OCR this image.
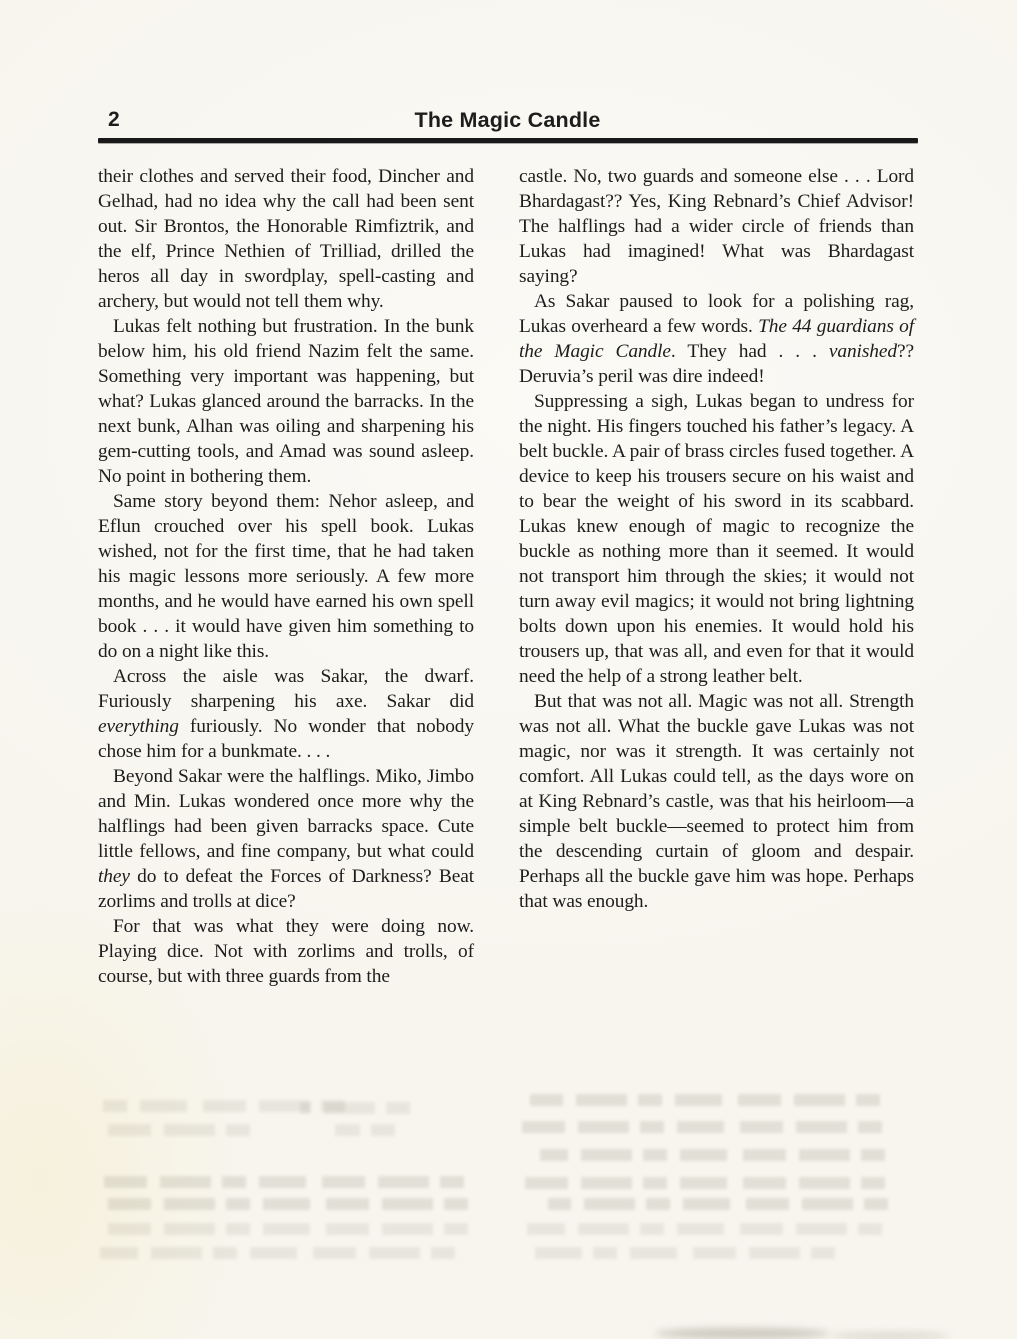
2	The Magic Candle

their clothes and served their food, Dincher and Gelhad, had no idea why the call had been sent out. Sir Brontos, the Honorable Rimfiztrik, and the elf, Prince Nethien of Trilliad, drilled the heros all day in swordplay, spell-casting and archery, but would not tell them why.

Lukas felt nothing but frustration. In the bunk below him, his old friend Nazim felt the same. Something very important was happening, but what? Lukas glanced around the barracks. In the next bunk, Alhan was oiling and sharpening his gem-cutting tools, and Amad was sound asleep. No point in bothering them.

Same story beyond them: Nehor asleep, and Eflun crouched over his spell book. Lukas wished, not for the first time, that he had taken his magic lessons more seriously. A few more months, and he would have earned his own spell book . . . it would have given him something to do on a night like this.

Across the aisle was Sakar, the dwarf. Furiously sharpening his axe. Sakar did everything furiously. No wonder that nobody chose him for a bunkmate. . . .

Beyond Sakar were the halflings. Miko, Jimbo and Min. Lukas wondered once more why the halflings had been given barracks space. Cute little fellows, and fine company, but what could they do to defeat the Forces of Darkness? Beat zorlims and trolls at dice?

For that was what they were doing now. Playing dice. Not with zorlims and trolls, of course, but with three guards from the

castle. No, two guards and someone else . . . Lord Bhardagast?? Yes, King Rebnard’s Chief Advisor! The halflings had a wider circle of friends than Lukas had imagined! What was Bhardagast saying?

As Sakar paused to look for a polishing rag, Lukas overheard a few words. The 44 guardians of the Magic Candle. They had . . . vanished?? Deruvia’s peril was dire indeed!

Suppressing a sigh, Lukas began to undress for the night. His fingers touched his father’s legacy. A belt buckle. A pair of brass circles fused together. A device to keep his trousers secure on his waist and to bear the weight of his sword in its scabbard. Lukas knew enough of magic to recognize the buckle as nothing more than it seemed. It would not transport him through the skies; it would not turn away evil magics; it would not bring lightning bolts down upon his enemies. It would hold his trousers up, that was all, and even for that it would need the help of a strong leather belt.

But that was not all. Magic was not all. Strength was not all. What the buckle gave Lukas was not magic, nor was it strength. It was certainly not comfort. All Lukas could tell, as the days wore on at King Rebnard’s castle, was that his heirloom—a simple belt buckle—seemed to protect him from the descending curtain of gloom and despair. Perhaps all the buckle gave him was hope. Perhaps that was enough.
